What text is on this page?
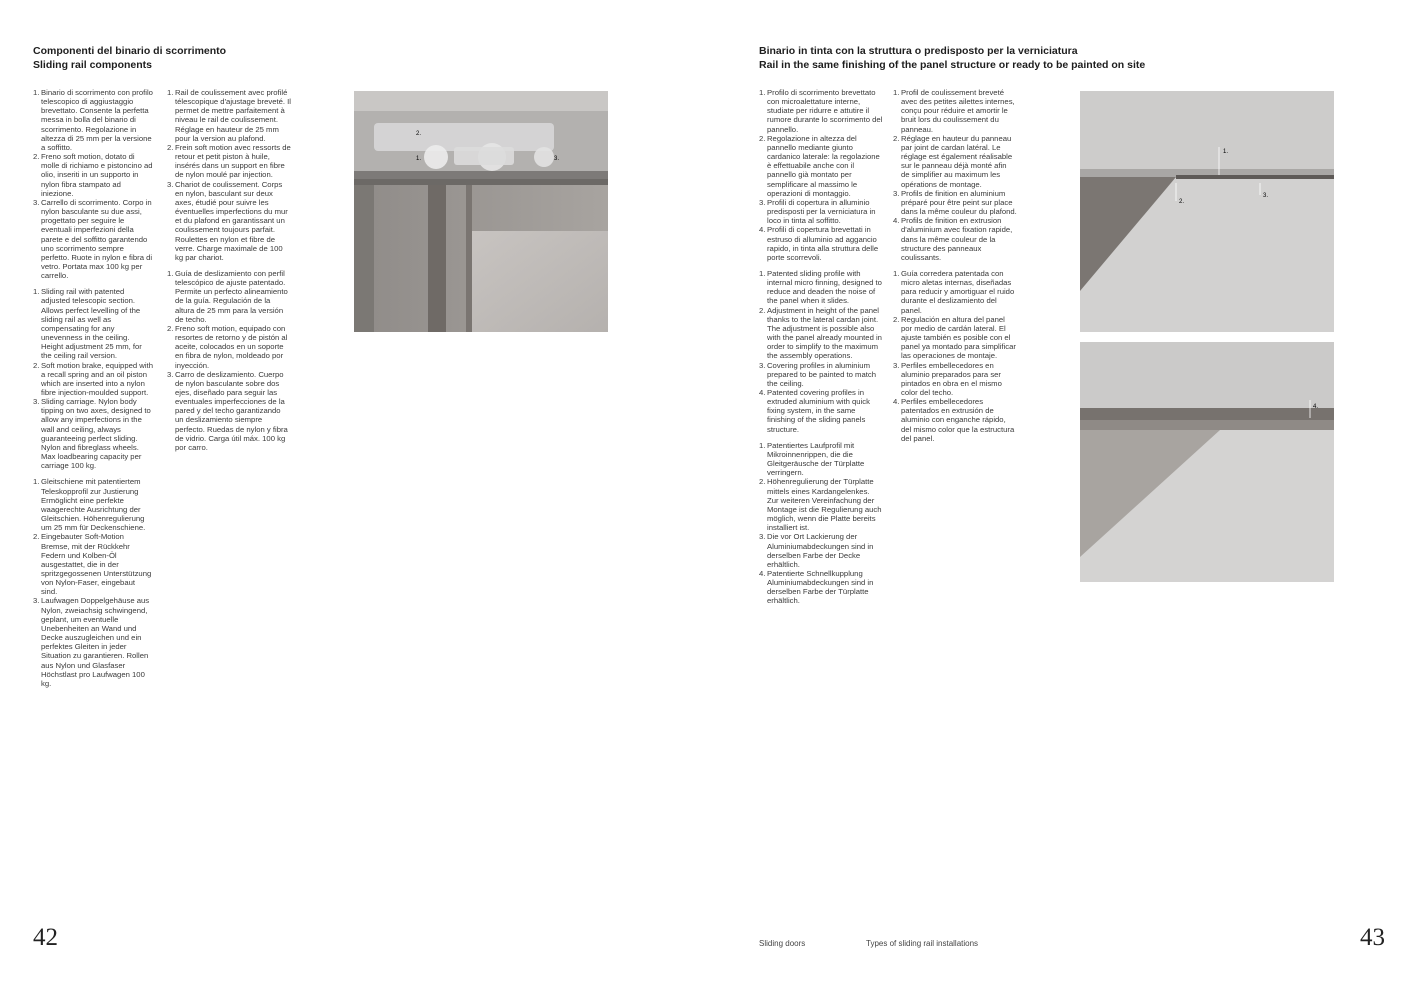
Componenti del binario di scorrimento
Sliding rail components
1. Binario di scorrimento con profilo telescopico di aggiustaggio brevettato. Consente la perfetta messa in bolla del binario di scorrimento. Regolazione in altezza di 25 mm per la versione a soffitto.
2. Freno soft motion, dotato di molle di richiamo e pistoncino ad olio, inseriti in un supporto in nylon fibra stampato ad iniezione.
3. Carrello di scorrimento. Corpo in nylon basculante su due assi, progettato per seguire le eventuali imperfezioni della parete e del soffitto garantendo uno scorrimento sempre perfetto. Ruote in nylon e fibra di vetro. Portata max 100 kg per carrello.
1. Sliding rail with patented adjusted telescopic section. Allows perfect levelling of the sliding rail as well as compensating for any unevenness in the ceiling. Height adjustment 25 mm, for the ceiling rail version.
2. Soft motion brake, equipped with a recall spring and an oil piston which are inserted into a nylon fibre injection-moulded support.
3. Sliding carriage. Nylon body tipping on two axes, designed to allow any imperfections in the wall and ceiling, always guaranteeing perfect sliding. Nylon and fibreglass wheels. Max loadbearing capacity per carriage 100 kg.
1. Gleitschiene mit patentiertem Teleskopprofil zur Justierung Ermöglicht eine perfekte waagerechte Ausrichtung der Gleitschien. Höhenregulierung um 25 mm für Deckenschiene.
2. Eingebauter Soft-Motion Bremse, mit der Rückkehr Federn und Kolben-Öl ausgestattet, die in der spritzgegossenen Unterstützung von Nylon-Faser, eingebaut sind.
3. Laufwagen Doppelgehäuse aus Nylon, zweiachsig schwingend, geplant, um eventuelle Unebenheiten an Wand und Decke auszugleichen und ein perfektes Gleiten in jeder Situation zu garantieren. Rollen aus Nylon und Glasfaser Höchstlast pro Laufwagen 100 kg.
1. Rail de coulissement avec profilé télescopique d'ajustage breveté. Il permet de mettre parfaitement à niveau le rail de coulissement. Réglage en hauteur de 25 mm pour la version au plafond.
2. Frein soft motion avec ressorts de retour et petit piston à huile, insérés dans un support en fibre de nylon moulé par injection.
3. Chariot de coulissement. Corps en nylon, basculant sur deux axes, étudié pour suivre les éventuelles imperfections du mur et du plafond en garantissant un coulissement toujours parfait. Roulettes en nylon et fibre de verre. Charge maximale de 100 kg par chariot.
1. Guía de deslizamiento con perfil telescópico de ajuste patentado. Permite un perfecto alineamiento de la guía. Regulación de la altura de 25 mm para la versión de techo.
2. Freno soft motion, equipado con resortes de retorno y de pistón al aceite, colocados en un soporte en fibra de nylon, moldeado por inyección.
3. Carro de deslizamiento. Cuerpo de nylon basculante sobre dos ejes, diseñado para seguir las eventuales imperfecciones de la pared y del techo garantizando un deslizamiento siempre perfecto. Ruedas de nylon y fibra de vidrio. Carga útil máx. 100 kg por carro.
2.
1.	3.
42
Binario in tinta con la struttura o predisposto per la verniciatura
Rail in the same finishing of the panel structure or ready to be painted on site
1. Profilo di scorrimento brevettato con microalettature interne, studiate per ridurre e attutire il rumore durante lo scorrimento del pannello.
2. Regolazione in altezza del pannello mediante giunto cardanico laterale: la regolazione è effettuabile anche con il pannello già montato per semplificare al massimo le operazioni di montaggio.
3. Profili di copertura in alluminio predisposti per la verniciatura in loco in tinta al soffitto.
4. Profili di copertura brevettati in estruso di alluminio ad aggancio rapido, in tinta alla struttura delle porte scorrevoli.
1. Patented sliding profile with internal micro finning, designed to reduce and deaden the noise of the panel when it slides.
2. Adjustment in height of the panel thanks to the lateral cardan joint. The adjustment is possible also with the panel already mounted in order to simplify to the maximum the assembly operations.
3. Covering profiles in aluminium prepared to be painted to match the ceiling.
4. Patented covering profiles in extruded aluminium with quick fixing system, in the same finishing of the sliding panels structure.
1. Patentiertes Laufprofil mit Mikroinnenrippen, die die Gleitgeräusche der Türplatte verringern.
2. Höhenregulierung der Türplatte mittels eines Kardangelenkes. Zur weiteren Vereinfachung der Montage ist die Regulierung auch möglich, wenn die Platte bereits installiert ist.
3. Die vor Ort Lackierung der Aluminiumabdeckungen sind in derselben Farbe der Decke erhältlich.
4. Patentierte Schnellkupplung Aluminiumabdeckungen sind in derselben Farbe der Türplatte erhältlich.
1. Profil de coulissement breveté avec des petites ailettes internes, conçu pour réduire et amortir le bruit lors du coulissement du panneau.
2. Réglage en hauteur du panneau par joint de cardan latéral. Le réglage est également réalisable sur le panneau déjà monté afin de simplifier au maximum les opérations de montage.
3. Profils de finition en aluminium préparé pour être peint sur place dans la même couleur du plafond.
4. Profils de finition en extrusion d'aluminium avec fixation rapide, dans la même couleur de la structure des panneaux coulissants.
1. Guía corredera patentada con micro aletas internas, diseñadas para reducir y amortiguar el ruido durante el deslizamiento del panel.
2. Regulación en altura del panel por medio de cardán lateral. El ajuste también es posible con el panel ya montado para simplificar las operaciones de montaje.
3. Perfiles embellecedores en aluminio preparados para ser pintados en obra en el mismo color del techo.
4. Perfiles embellecedores patentados en extrusión de aluminio con enganche rápido, del mismo color que la estructura del panel.
1.
2.
3.
4.
Sliding doors	Types of sliding rail installations	43
